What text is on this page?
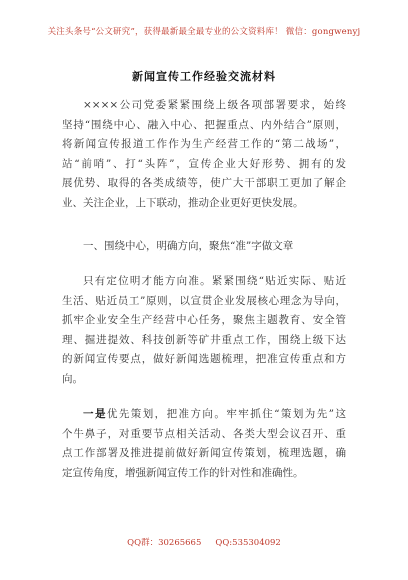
关注头条号“公文研究”，获得最新最全最专业的公文资料库！ 微信：gongwenyj
新闻宣传工作经验交流材料
××××公司党委紧紧围绕上级各项部署要求，始终
坚持“围绕中心、融入中心、把握重点、内外结合”原则，
将新闻宣传报道工作作为生产经营工作的“第二战场”，
站“前哨”、打“头阵”，宣传企业大好形势、拥有的发
展优势、取得的各类成绩等，使广大干部职工更加了解企
业、关注企业，上下联动，推动企业更好更快发展。
一、围绕中心，明确方向，聚焦“准”字做文章
只有定位明才能方向准。紧紧围绕“贴近实际、贴近
生活、贴近员工”原则，以宣贯企业发展核心理念为导向，
抓牢企业安全生产经营中心任务，聚焦主题教育、安全管
理、掘进提效、科技创新等矿井重点工作，围绕上级下达
的新闻宣传要点，做好新闻选题梳理，把准宣传重点和方
向。
一是优先策划，把准方向。牢牢抓住“策划为先”这
个牛鼻子，对重要节点相关活动、各类大型会议召开、重
点工作部署及推进提前做好新闻宣传策划，梳理选题，确
定宣传角度，增强新闻宣传工作的针对性和准确性。
QQ群：30265665 QQ:535304092
